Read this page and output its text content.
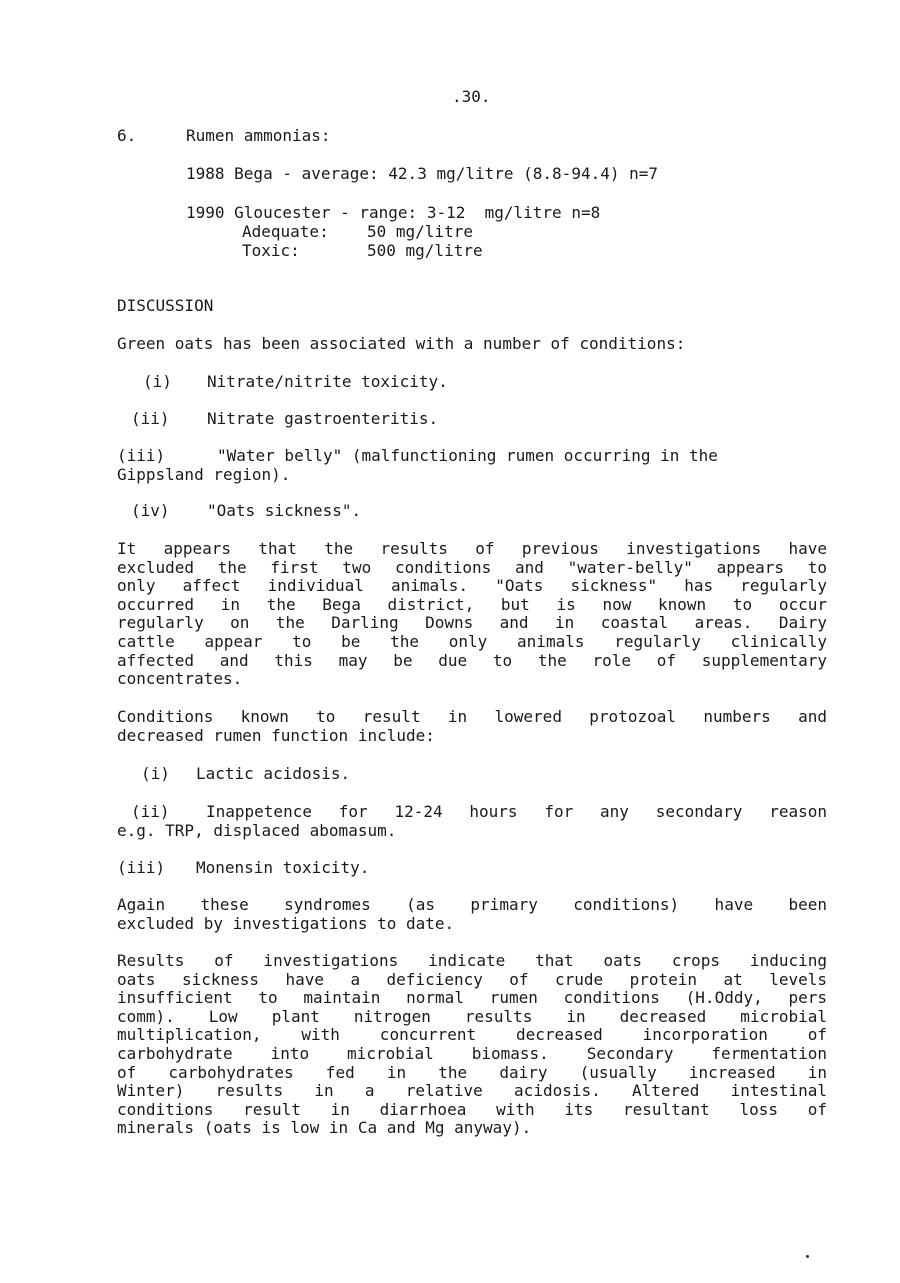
.30.
6.	Rumen ammonias:
1988 Bega - average: 42.3 mg/litre (8.8-94.4) n=7
1990 Gloucester - range: 3-12  mg/litre n=8
Adequate: 50 mg/litre
Toxic:	500 mg/litre
DISCUSSION
Green oats has been associated with a number of conditions:
(i) Nitrate/nitrite toxicity.
(ii) Nitrate gastroenteritis.
(iii)	"Water belly" (malfunctioning rumen occurring in the
Gippsland region).
(iv) "Oats sickness".
It appears that the results of previous investigations have
excluded the first two conditions and "water-belly" appears to
only affect individual animals. "Oats sickness" has regularly
occurred in the Bega district, but is now known to occur
regularly on the Darling Downs and in coastal areas. Dairy
cattle appear to be the only animals regularly clinically
affected and this may be due to the role of supplementary
concentrates.
Conditions known to result in lowered protozoal numbers and
decreased rumen function include:
(i) Lactic acidosis.
(ii) Inappetence for 12-24 hours for any secondary reason
e.g. TRP, displaced abomasum.
(iii) Monensin toxicity.
Again these syndromes (as primary conditions) have been
excluded by investigations to date.
Results of investigations indicate that oats crops inducing
oats sickness have a deficiency of crude protein at levels
insufficient to maintain normal rumen conditions (H.Oddy, pers
comm). Low plant nitrogen results in decreased microbial
multiplication, with concurrent decreased incorporation of
carbohydrate into microbial biomass. Secondary fermentation
of carbohydrates fed in the dairy (usually increased in
Winter) results in a relative acidosis. Altered intestinal
conditions result in diarrhoea with its resultant loss of
minerals (oats is low in Ca and Mg anyway).
